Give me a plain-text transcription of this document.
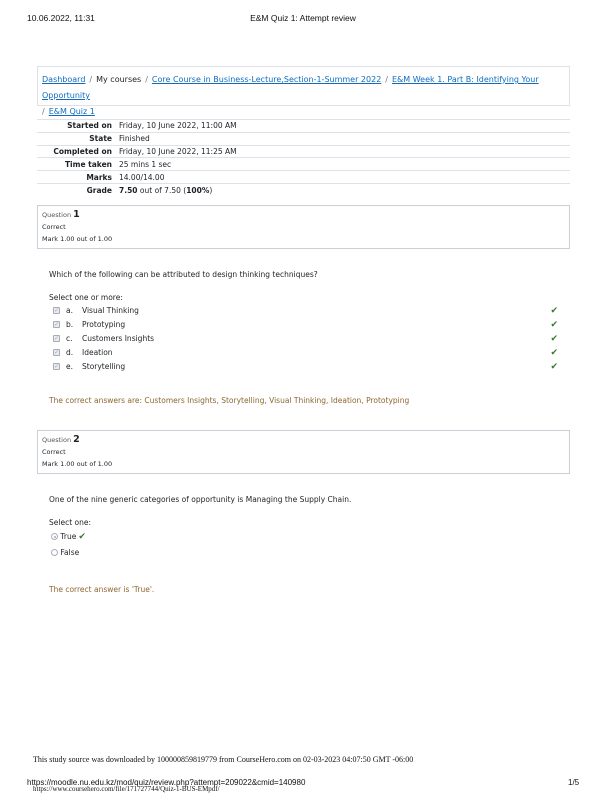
10.06.2022, 11:31	E&M Quiz 1: Attempt review
Dashboard / My courses / Core Course in Business-Lecture,Section-1-Summer 2022 / E&M Week 1. Part B: Identifying Your Opportunity
/ E&M Quiz 1
Started on	Friday, 10 June 2022, 11:00 AM
State	Finished
Completed on	Friday, 10 June 2022, 11:25 AM
Time taken	25 mins 1 sec
Marks	14.00/14.00
Grade	7.50 out of 7.50 (100%)
Question 1
Correct
Mark 1.00 out of 1.00
Which of the following can be attributed to design thinking techniques?
Select one or more:
✓a. Visual Thinking	✔
✓b. Prototyping	✔
✓c. Customers Insights	✔
✓d. Ideation	✔
✓e. Storytelling	✔
The correct answers are: Customers Insights, Storytelling, Visual Thinking, Ideation, Prototyping
Question 2
Correct
Mark 1.00 out of 1.00
One of the nine generic categories of opportunity is Managing the Supply Chain.
Select one:
True ✔
False
The correct answer is 'True'.
This study source was downloaded by 100000859819779 from CourseHero.com on 02-03-2023 04:07:50 GMT -06:00
https://moodle.nu.edu.kz/mod/quiz/review.php?attempt=209022&cmid=140980
https://www.coursehero.com/file/171727744/Quiz-1-BUS-EMpdf/
1/5
